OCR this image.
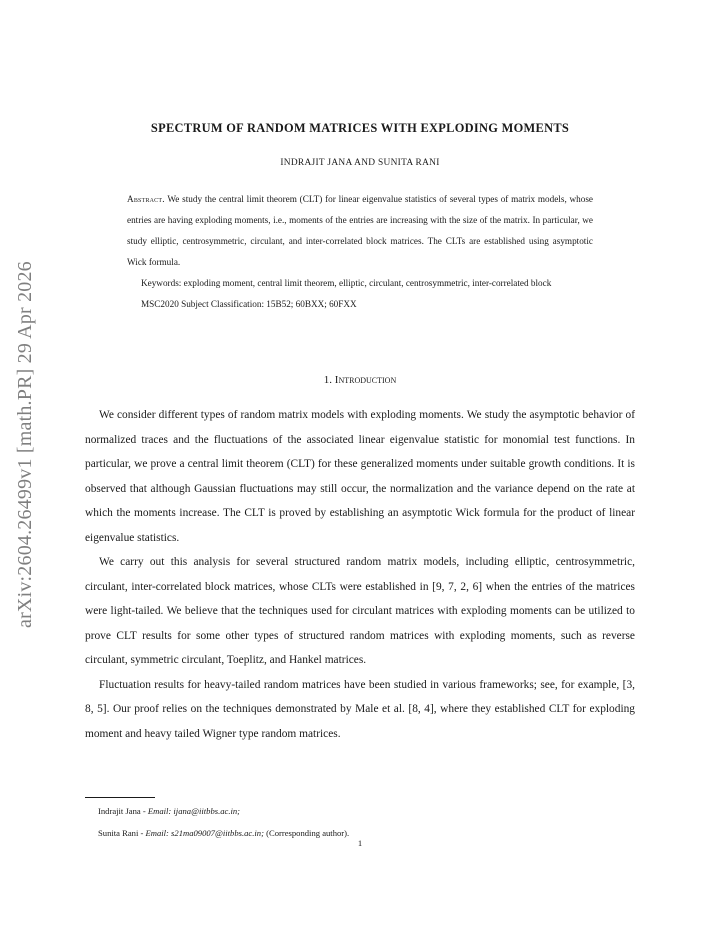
arXiv:2604.26499v1 [math.PR] 29 Apr 2026
SPECTRUM OF RANDOM MATRICES WITH EXPLODING MOMENTS
INDRAJIT JANA AND SUNITA RANI

Abstract. We study the central limit theorem (CLT) for linear eigenvalue statistics of several types of matrix models, whose entries are having exploding moments, i.e., moments of the entries are increasing with the size of the matrix. In particular, we study elliptic, centrosymmetric, circulant, and inter-correlated block matrices. The CLTs are established using asymptotic Wick formula.

Keywords: exploding moment, central limit theorem, elliptic, circulant, centrosymmetric, inter-correlated block

MSC2020 Subject Classification: 15B52; 60BXX; 60FXX

1. Introduction

We consider different types of random matrix models with exploding moments. We study the asymptotic behavior of normalized traces and the fluctuations of the associated linear eigenvalue statistic for monomial test functions. In particular, we prove a central limit theorem (CLT) for these generalized moments under suitable growth conditions. It is observed that although Gaussian fluctuations may still occur, the normalization and the variance depend on the rate at which the moments increase. The CLT is proved by establishing an asymptotic Wick formula for the product of linear eigenvalue statistics.

We carry out this analysis for several structured random matrix models, including elliptic, centrosymmetric, circulant, inter-correlated block matrices, whose CLTs were established in [9, 7, 2, 6] when the entries of the matrices were light-tailed. We believe that the techniques used for circulant matrices with exploding moments can be utilized to prove CLT results for some other types of structured random matrices with exploding moments, such as reverse circulant, symmetric circulant, Toeplitz, and Hankel matrices.

Fluctuation results for heavy-tailed random matrices have been studied in various frameworks; see, for example, [3, 8, 5]. Our proof relies on the techniques demonstrated by Male et al. [8, 4], where they established CLT for exploding moment and heavy tailed Wigner type random matrices.

Indrajit Jana - Email: ijana@iitbbs.ac.in;

Sunita Rani - Email: s21ma09007@iitbbs.ac.in; (Corresponding author).

1
